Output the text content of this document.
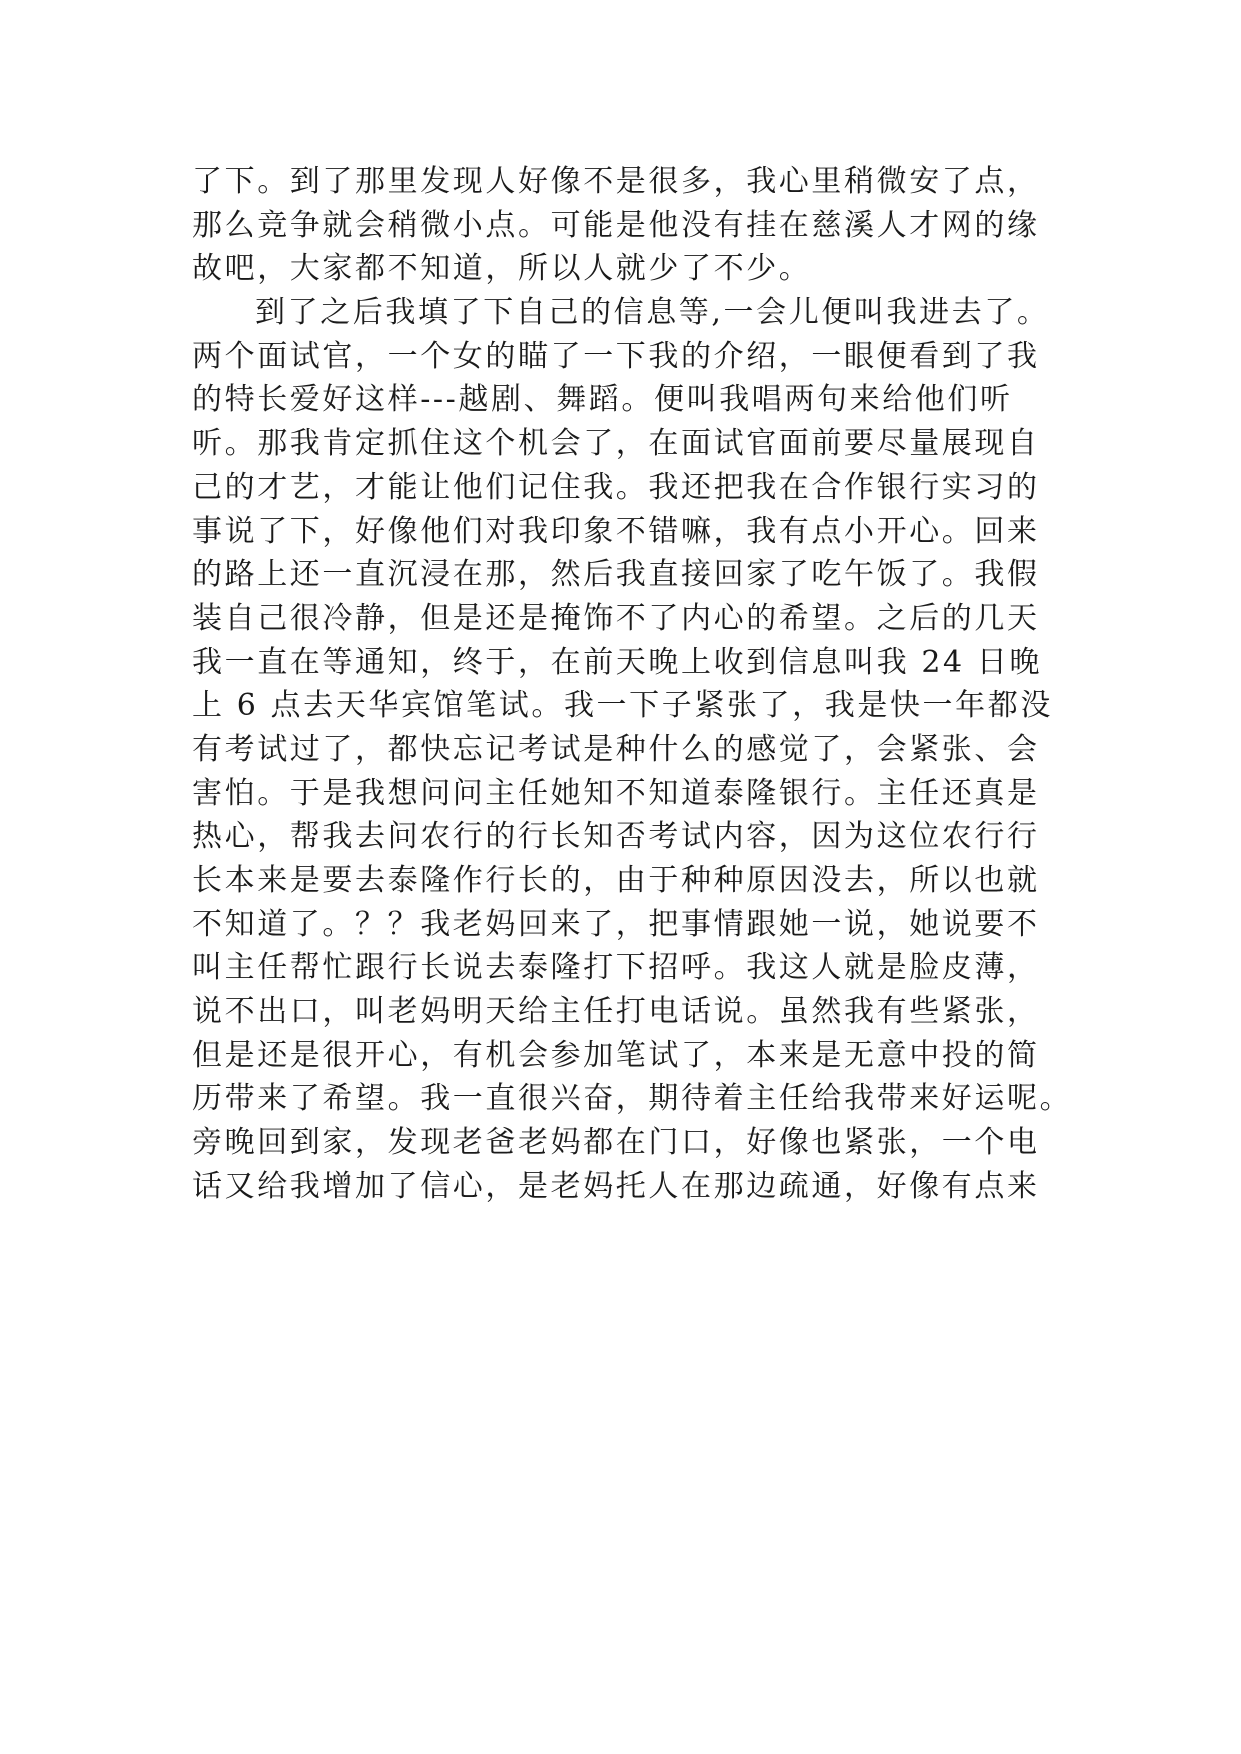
了下。到了那里发现人好像不是很多，我心里稍微安了点，
那么竞争就会稍微小点。可能是他没有挂在慈溪人才网的缘
故吧，大家都不知道，所以人就少了不少。
到了之后我填了下自己的信息等,一会儿便叫我进去了。
两个面试官，一个女的瞄了一下我的介绍，一眼便看到了我
的特长爱好这样---越剧、舞蹈。便叫我唱两句来给他们听
听。那我肯定抓住这个机会了，在面试官面前要尽量展现自
己的才艺，才能让他们记住我。我还把我在合作银行实习的
事说了下，好像他们对我印象不错嘛，我有点小开心。回来
的路上还一直沉浸在那，然后我直接回家了吃午饭了。我假
装自己很冷静，但是还是掩饰不了内心的希望。之后的几天
我一直在等通知，终于，在前天晚上收到信息叫我 24 日晚
上 6 点去天华宾馆笔试。我一下子紧张了，我是快一年都没
有考试过了，都快忘记考试是种什么的感觉了，会紧张、会
害怕。于是我想问问主任她知不知道泰隆银行。主任还真是
热心，帮我去问农行的行长知否考试内容，因为这位农行行
长本来是要去泰隆作行长的，由于种种原因没去，所以也就
不知道了。？？我老妈回来了，把事情跟她一说，她说要不
叫主任帮忙跟行长说去泰隆打下招呼。我这人就是脸皮薄，
说不出口，叫老妈明天给主任打电话说。虽然我有些紧张，
但是还是很开心，有机会参加笔试了，本来是无意中投的简
历带来了希望。我一直很兴奋，期待着主任给我带来好运呢。
旁晚回到家，发现老爸老妈都在门口，好像也紧张，一个电
话又给我增加了信心，是老妈托人在那边疏通，好像有点来
